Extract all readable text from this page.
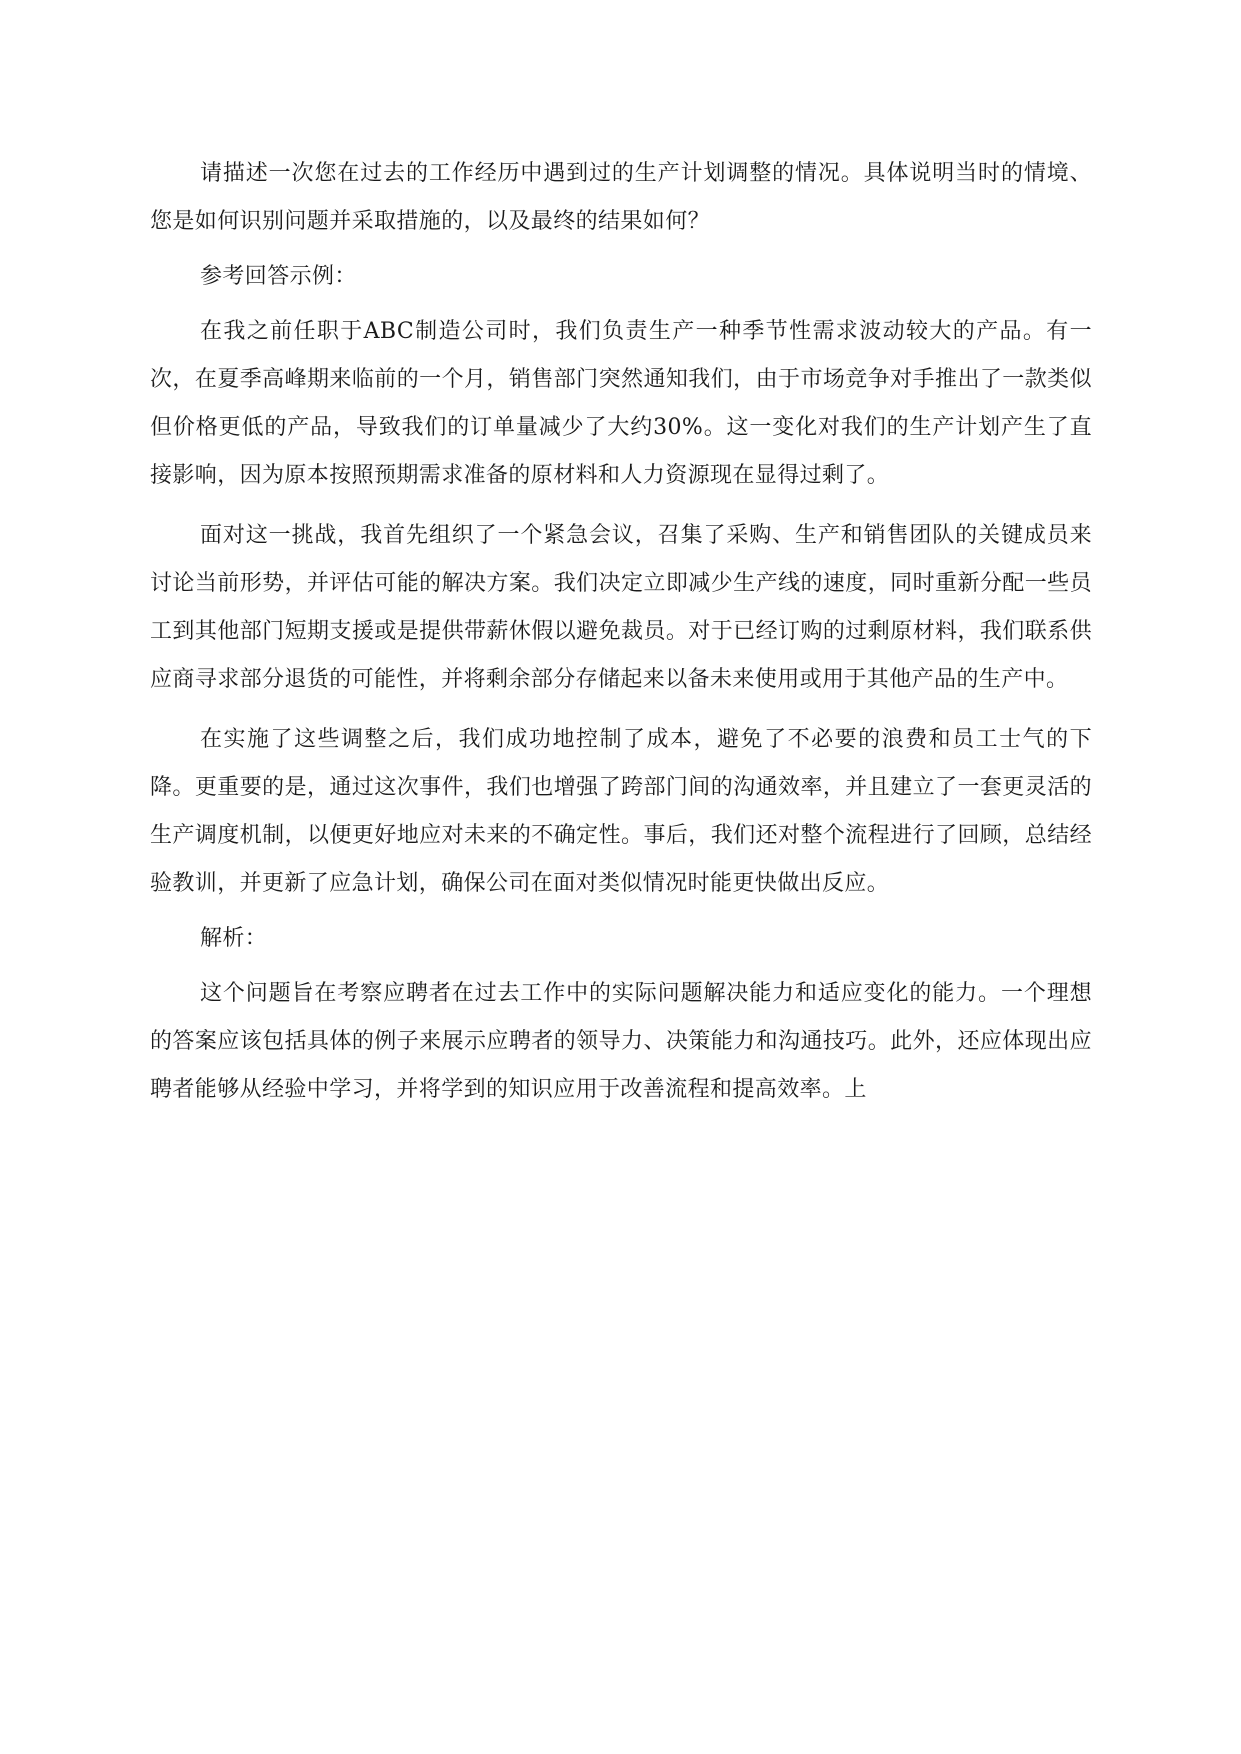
请描述一次您在过去的工作经历中遇到过的生产计划调整的情况。具体说明当时的情境、您是如何识别问题并采取措施的，以及最终的结果如何？

参考回答示例：

在我之前任职于ABC制造公司时，我们负责生产一种季节性需求波动较大的产品。有一次，在夏季高峰期来临前的一个月，销售部门突然通知我们，由于市场竞争对手推出了一款类似但价格更低的产品，导致我们的订单量减少了大约30%。这一变化对我们的生产计划产生了直接影响，因为原本按照预期需求准备的原材料和人力资源现在显得过剩了。

面对这一挑战，我首先组织了一个紧急会议，召集了采购、生产和销售团队的关键成员来讨论当前形势，并评估可能的解决方案。我们决定立即减少生产线的速度，同时重新分配一些员工到其他部门短期支援或是提供带薪休假以避免裁员。对于已经订购的过剩原材料，我们联系供应商寻求部分退货的可能性，并将剩余部分存储起来以备未来使用或用于其他产品的生产中。

在实施了这些调整之后，我们成功地控制了成本，避免了不必要的浪费和员工士气的下降。更重要的是，通过这次事件，我们也增强了跨部门间的沟通效率，并且建立了一套更灵活的生产调度机制，以便更好地应对未来的不确定性。事后，我们还对整个流程进行了回顾，总结经验教训，并更新了应急计划，确保公司在面对类似情况时能更快做出反应。

解析：

这个问题旨在考察应聘者在过去工作中的实际问题解决能力和适应变化的能力。一个理想的答案应该包括具体的例子来展示应聘者的领导力、决策能力和沟通技巧。此外，还应体现出应聘者能够从经验中学习，并将学到的知识应用于改善流程和提高效率。上
